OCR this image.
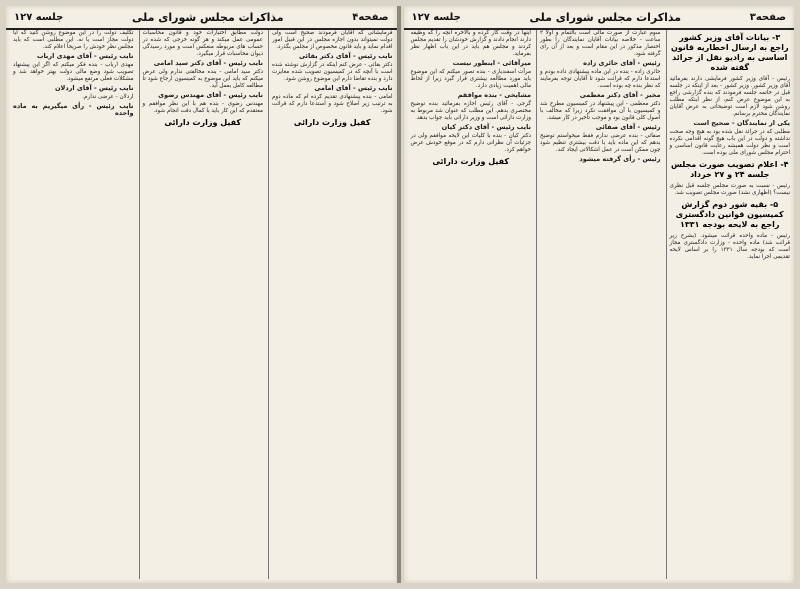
صفحه۳
مذاکرات مجلس شورای ملی
جلسه ۱۲۷
۳- بیانات آقای وزیر کشور راجع به ارسال اخطاریه قانون اساسی به رادیو نقل از جرائد گفته شده

رئیس - آقای وزیر کشور فرمایشی دارند بفرمائید آقای وزیر کشور. وزیر کشور - بعد از اینکه در جلسه قبل در خاتمه جلسه فرمودند که بنده گزارشی راجع به این موضوع عرض کنم، از نظر اینکه مطلب روشن شود لازم است توضیحاتی به عرض آقایان نمایندگان محترم برسانم.

یکی از نمایندگان - صحیح است

مطلبی که در جرائد نقل شده بود به هیچ وجه صحت نداشته و دولت در این باب هیچ گونه اقدامی نکرده است و نظر دولت همیشه رعایت قانون اساسی و احترام مجلس شورای ملی بوده است.

۴- اعلام تصویب صورت مجلس جلسه ۲۴ و ۲۷ خرداد

رئیس - نسبت به صورت مجلس جلسه قبل نظری نیست؟ (اظهاری نشد) صورت مجلس تصویب شد.

۵- بقیه شور دوم گزارش کمیسیون قوانین دادگستری راجع به لایحه بودجه ۱۳۳۱

رئیس - ماده واحده قرائت میشود. (بشرح زیر قرائت شد) ماده واحده - وزارت دادگستری مجاز است که بودجه سال ۱۳۳۱ را بر اساس لایحه تقدیمی اجرا نماید.

سوم عبارت از صورت مالی است بالتمام و اولا ۲ ساعت - خلاصه بیانات آقایان نمایندگان را بطور اختصار مذکور در این مقام است و بعد از آن رای گرفته شود.

رئیس - آقای حائری زاده

حائری زاده - بنده در این ماده پیشنهادی داده بودم و استدعا دارم که قرائت شود تا آقایان توجه بفرمایند که نظر بنده چه بوده است.

مخبر - آقای دکتر معظمی

دکتر معظمی - این پیشنهاد در کمیسیون مطرح شد و کمیسیون با آن موافقت نکرد زیرا که مخالف با اصول کلی قانون بود و موجب تأخیر در کار میشد.

رئیس - آقای صفائی

صفائی - بنده عرضی ندارم فقط میخواستم توضیح بدهم که این ماده باید با دقت بیشتری تنظیم شود چون ممکن است در عمل اشکالاتی ایجاد کند.

رئیس - رأی گرفته میشود

اینها در وقت کار کرده و بالاخره آنچه را که وظیفه دارند انجام دادند و گزارش خودشان را تقدیم مجلس کردند و مجلس هم باید در این باب اظهار نظر بفرماید.

میرآقائی - اینطور نیست

مرآت اسفندیاری - بنده تصور میکنم که این موضوع باید مورد مطالعه بیشتری قرار گیرد زیرا از لحاظ مالی اهمیت زیادی دارد.

مشایخی - بنده موافقم

گرجی - آقای رئیس اجازه بفرمائید بنده توضیح مختصری بدهم. این مطلب که عنوان شد مربوط به وزارت دارائی است و وزیر دارائی باید جواب بدهد.

نایب رئیس - آقای دکتر کیان

دکتر کیان - بنده با کلیات این لایحه موافقم ولی در جزئیات آن نظراتی دارم که در موقع خودش عرض خواهم کرد.

کفیل وزارت دارائی
صفحه۴
مذاکرات مجلس شورای ملی
جلسه ۱۲۷

فرمایشاتی که آقایان فرمودند صحیح است ولی دولت نمیتواند بدون اجازه مجلس در این قبیل امور اقدام نماید و باید قانون مخصوص از مجلس بگذرد.

نایب رئیس - آقای دکتر بقائی

دکتر بقائی - عرض کنم اینکه در گزارش نوشته شده است با آنچه که در کمیسیون تصویب شده مغایرت دارد و بنده تقاضا دارم این موضوع روشن شود.

نایب رئیس - آقای امامی

امامی - بنده پیشنهادی تقدیم کرده ام که ماده دوم به ترتیب زیر اصلاح شود و استدعا دارم که قرائت شود.

کفیل وزارت دارائی

دولت مطابق اختیارات خود و قانون محاسبات عمومی عمل میکند و هر گونه خرجی که شده در حساب های مربوطه منعکس است و مورد رسیدگی دیوان محاسبات قرار میگیرد.

نایب رئیس - آقای دکتر سید امامی

دکتر سید امامی - بنده مخالفتی ندارم ولی عرض میکنم که باید این موضوع به کمیسیون ارجاع شود تا مطالعه کامل بعمل آید.

نایب رئیس - آقای مهندس رضوی

مهندس رضوی - بنده هم با این نظر موافقم و معتقدم که این کار باید با کمال دقت انجام شود.

کفیل وزارت دارائی

تکلیف دولت را در این موضوع روشن کنید که آیا دولت مجاز است یا نه. این مطلبی است که باید مجلس نظر خودش را صریحا اعلام کند.

نایب رئیس - آقای مهدی ارباب

مهدی ارباب - بنده فکر میکنم که اگر این پیشنهاد تصویب شود وضع مالی دولت بهتر خواهد شد و مشکلات فعلی مرتفع میشود.

نایب رئیس - آقای اردلان

اردلان - عرضی ندارم.

نایب رئیس - رأی میگیریم به ماده واحده
